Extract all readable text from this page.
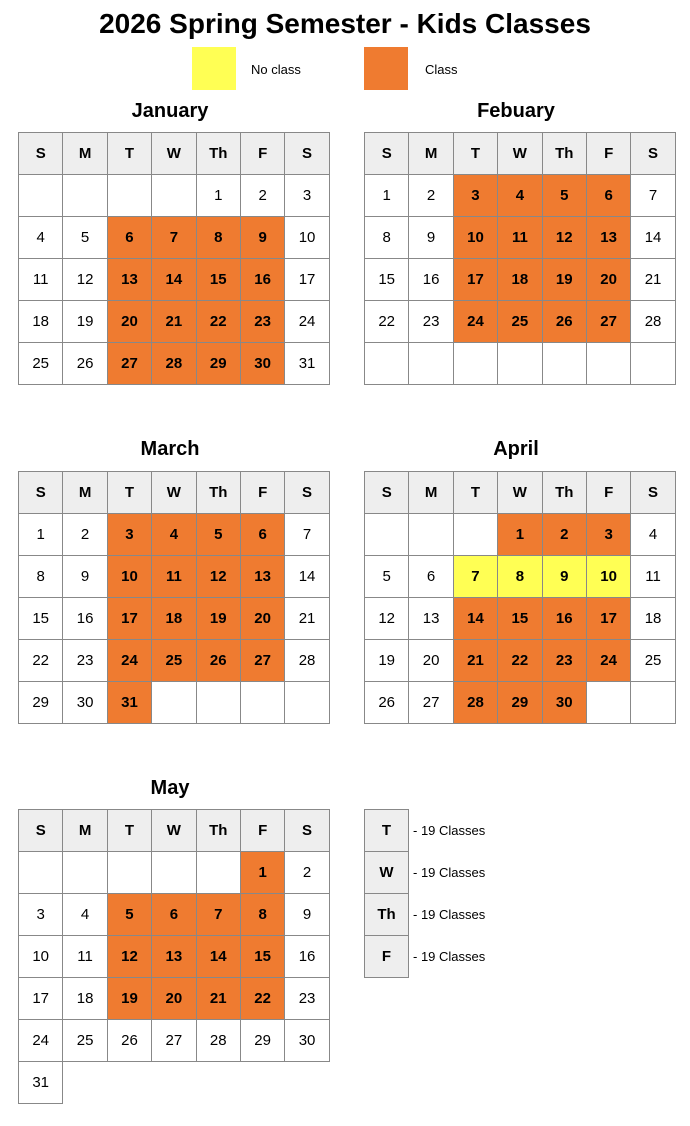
2026 Spring Semester - Kids Classes
No class	Class
January
S	M	T	W	Th	F	S
				1	2	3
4	5	6	7	8	9	10
11	12	13	14	15	16	17
18	19	20	21	22	23	24
25	26	27	28	29	30	31
Febuary
S	M	T	W	Th	F	S
1	2	3	4	5	6	7
8	9	10	11	12	13	14
15	16	17	18	19	20	21
22	23	24	25	26	27	28

March
S	M	T	W	Th	F	S
1	2	3	4	5	6	7
8	9	10	11	12	13	14
15	16	17	18	19	20	21
22	23	24	25	26	27	28
29	30	31				
April
S	M	T	W	Th	F	S
			1	2	3	4
5	6	7	8	9	10	11
12	13	14	15	16	17	18
19	20	21	22	23	24	25
26	27	28	29	30		
May
S	M	T	W	Th	F	S
					1	2
3	4	5	6	7	8	9
10	11	12	13	14	15	16
17	18	19	20	21	22	23
24	25	26	27	28	29	30
31						
T	- 19 Classes
W	- 19 Classes
Th	- 19 Classes
F	- 19 Classes
